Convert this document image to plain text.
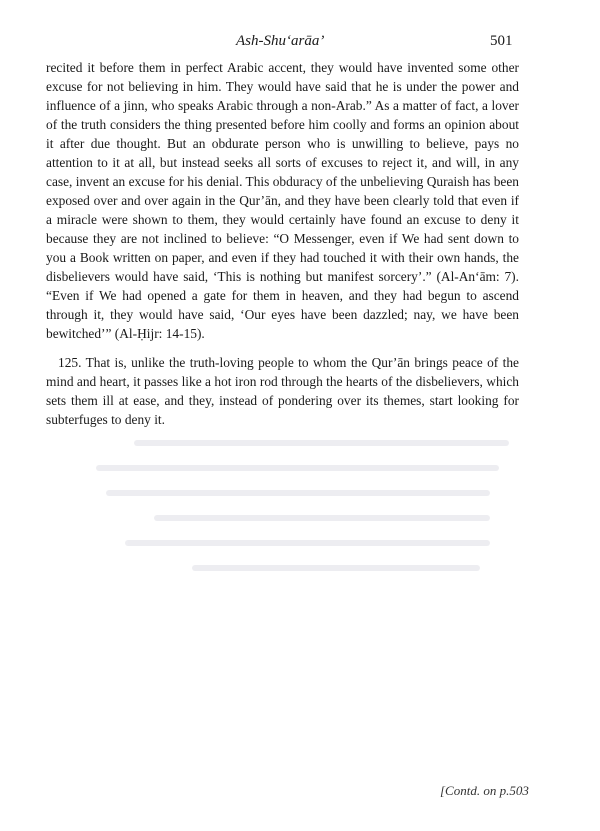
Ash-Shu‘arāa’	501

recited it before them in perfect Arabic accent, they would have invented some other excuse for not believing in him. They would have said that he is under the power and influence of a jinn, who speaks Arabic through a non-Arab.” As a matter of fact, a lover of the truth considers the thing presented before him coolly and forms an opinion about it after due thought. But an obdurate person who is unwilling to believe, pays no attention to it at all, but instead seeks all sorts of excuses to reject it, and will, in any case, invent an excuse for his denial. This obduracy of the unbelieving Quraish has been exposed over and over again in the Qur’ān, and they have been clearly told that even if a miracle were shown to them, they would certainly have found an excuse to deny it because they are not inclined to believe: “O Messenger, even if We had sent down to you a Book written on paper, and even if they had touched it with their own hands, the disbelievers would have said, ‘This is nothing but manifest sorcery’.” (Al-An‘ām: 7). “Even if We had opened a gate for them in heaven, and they had begun to ascend through it, they would have said, ‘Our eyes have been dazzled; nay, we have been bewitched’” (Al-Ḥijr: 14-15).

125. That is, unlike the truth-loving people to whom the Qur’ān brings peace of the mind and heart, it passes like a hot iron rod through the hearts of the disbelievers, which sets them ill at ease, and they, instead of pondering over its themes, start looking for subterfuges to deny it.

[Contd. on p.503
